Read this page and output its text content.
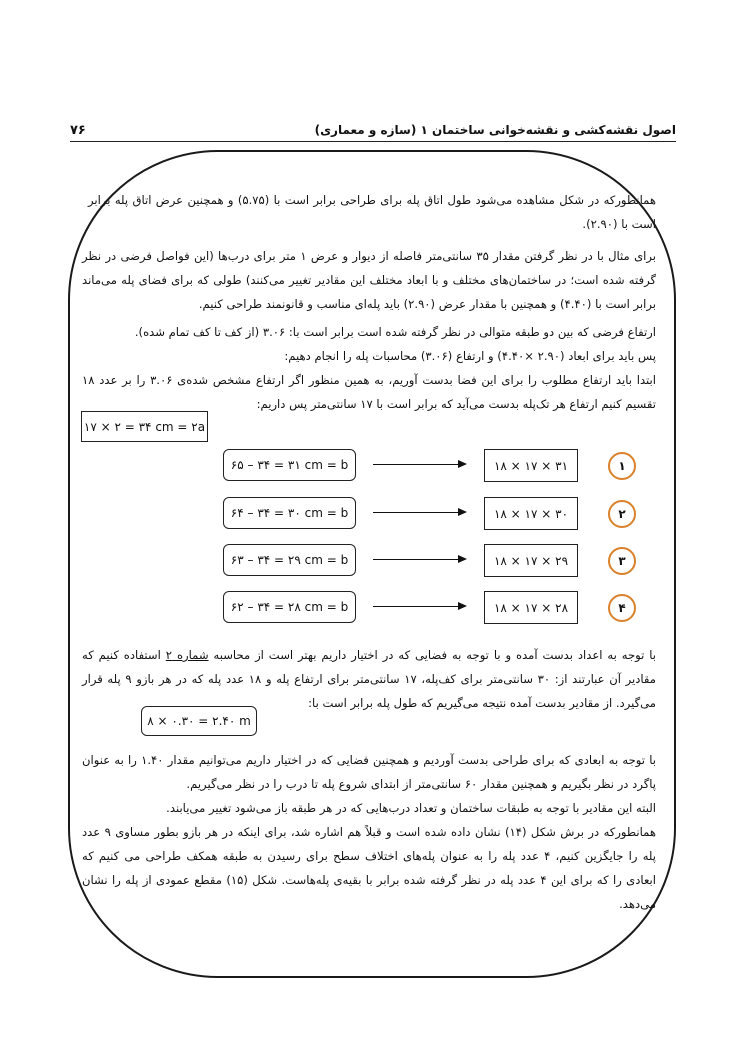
اصول نقشه‌کشی و نقشه‌خوانی ساختمان ۱ (سازه و معماری)
۷۶

همانطورکه در شکل مشاهده می‌شود طول اتاق پله برای طراحی برابر است با (۵.۷۵) و همچنین عرض اتاق پله برابر است با (۲.۹۰).

برای مثال با در نظر گرفتن مقدار ۳۵ سانتی‌متر فاصله از دیوار و عرض ۱ متر برای درب‌ها (این فواصل فرضی در نظر گرفته شده است؛ در ساختمان‌های مختلف و با ابعاد مختلف این مقادیر تغییر می‌کنند) طولی که برای فضای پله می‌ماند برابر است با (۴.۴۰) و همچنین با مقدار عرض (۲.۹۰) باید پله‌ای مناسب و قانونمند طراحی کنیم.

ارتفاع فرضی که بین دو طبقه متوالی در نظر گرفته شده است برابر است با: ۳.۰۶ (از کف تا کف تمام شده).

پس باید برای ابعاد (۲.۹۰ ×۴.۴۰) و ارتفاع (۳.۰۶) محاسبات پله را انجام دهیم:

ابتدا باید ارتفاع مطلوب را برای این فضا بدست آوریم، به همین منظور اگر ارتفاع مشخص شده‌ی ۳.۰۶ را بر عدد ۱۸ تقسیم کنیم ارتفاع هر تک‌پله بدست می‌آید که برابر است با ۱۷ سانتی‌متر پس داریم:

۱۷ × ۲ = ۳۴ cm = ۲a
۶۵ – ۳۴ = ۳۱ cm = b	۱۸ × ۱۷ × ۳۱	۱
۶۴ – ۳۴ = ۳۰ cm = b	۱۸ × ۱۷ × ۳۰	۲
۶۳ – ۳۴ = ۲۹ cm = b	۱۸ × ۱۷ × ۲۹	۳
۶۲ – ۳۴ = ۲۸ cm = b	۱۸ × ۱۷ × ۲۸	۴

با توجه به اعداد بدست آمده و با توجه به فضایی که در اختیار داریم بهتر است از محاسبه شماره ۲ استفاده کنیم که مقادیر آن عبارتند از: ۳۰ سانتی‌متر برای کف‌پله، ۱۷ سانتی‌متر برای ارتفاع پله و ۱۸ عدد پله که در هر بازو ۹ پله قرار می‌گیرد. از مقادیر بدست آمده نتیجه می‌گیریم که طول پله برابر است با:

۸ × ۰.۳۰ = ۲.۴۰ m

با توجه به ابعادی که برای طراحی بدست آوردیم و همچنین فضایی که در اختیار داریم می‌توانیم مقدار ۱.۴۰ را به عنوان پاگرد در نظر بگیریم و همچنین مقدار ۶۰ سانتی‌متر از ابتدای شروع پله تا درب را در نظر می‌گیریم.

البته این مقادیر با توجه به طبقات ساختمان و تعداد درب‌هایی که در هر طبقه باز می‌شود تغییر می‌یابند.

همانطورکه در برش شکل (۱۴) نشان داده شده است و قبلاً هم اشاره شد، برای اینکه در هر بازو بطور مساوی ۹ عدد پله را جایگزین کنیم، ۴ عدد پله را به عنوان پله‌های اختلاف سطح برای رسیدن به طبقه همکف طراحی می کنیم که ابعادی را که برای این ۴ عدد پله در نظر گرفته شده برابر با بقیه‌ی پله‌هاست. شکل (۱۵) مقطع عمودی از پله را نشان می‌دهد.
